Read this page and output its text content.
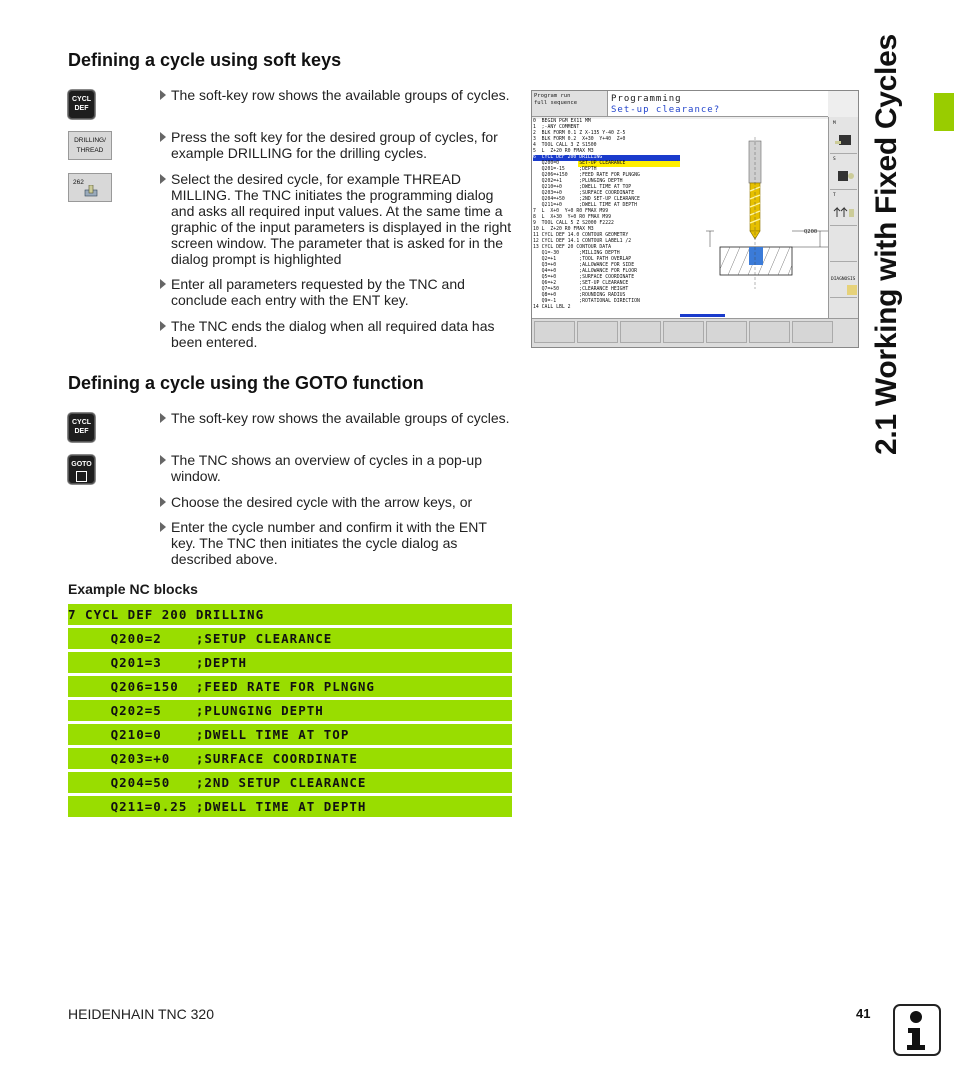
Defining a cycle using soft keys
CYCL
DEF
DRILLING/
THREAD
262
The soft-key row shows the available groups of cycles.
Press the soft key for the desired group of cycles, for example DRILLING for the drilling cycles.
Select the desired cycle, for example THREAD MILLING. The TNC initiates the programming dialog and asks all required input values. At the same time a graphic of the input parameters is displayed in the right screen window. The parameter that is asked for in the dialog prompt is highlighted
Enter all parameters requested by the TNC and conclude each entry with the ENT key.
The TNC ends the dialog when all required data has been entered.
Program run
full sequence	Programming
Set-up clearance?
0  BEGIN PGM EX11 MM
1  ;-ANY COMMENT
2  BLK FORM 0.1 Z X-135 Y-40 Z-5
3  BLK FORM 0.2  X+30  Y+40  Z+0
4  TOOL CALL 3 Z S1500
5  L  Z+20 R0 FMAX M3
6  CYCL DEF 200 DRILLING
Q200=0       SET-UP CLEARANCE
Q201=-15     ;DEPTH
Q206=+150    ;FEED RATE FOR PLNGNG
Q202=+1      ;PLUNGING DEPTH
Q210=+0      ;DWELL TIME AT TOP
Q203=+0      ;SURFACE COORDINATE
Q204=+50     ;2ND SET-UP CLEARANCE
Q211=+0      ;DWELL TIME AT DEPTH
7  L  X+0  Y+0 R0 FMAX M99
8  L  X+30  Y+0 R0 FMAX M99
9  TOOL CALL 5 Z S2000 F2222
10 L  Z+20 R0 FMAX M3
11 CYCL DEF 14.0 CONTOUR GEOMETRY
12 CYCL DEF 14.1 CONTOUR LABEL1 /2
13 CYCL DEF 20 CONTOUR DATA
Q1=-30       ;MILLING DEPTH
Q2=+1        ;TOOL PATH OVERLAP
Q3=+0        ;ALLOWANCE FOR SIDE
Q4=+0        ;ALLOWANCE FOR FLOOR
Q5=+0        ;SURFACE COORDINATE
Q6=+2        ;SET-UP CLEARANCE
Q7=+50       ;CLEARANCE HEIGHT
Q8=+0        ;ROUNDING RADIUS
Q9=-1        ;ROTATIONAL DIRECTION
14 CALL LBL 2
Q200
M
S
T
DIAGNOSIS
Defining a cycle using the GOTO function
CYCL
DEF
GOTO
The soft-key row shows the available groups of cycles.
The TNC shows an overview of cycles in a pop-up window.
Choose the desired cycle with the arrow keys, or
Enter the cycle number and confirm it with the ENT key. The TNC then initiates the cycle dialog as described above.
Example NC blocks
7 CYCL DEF 200 DRILLING
Q200=2    ;SETUP CLEARANCE
Q201=3    ;DEPTH
Q206=150  ;FEED RATE FOR PLNGNG
Q202=5    ;PLUNGING DEPTH
Q210=0    ;DWELL TIME AT TOP
Q203=+0   ;SURFACE COORDINATE
Q204=50   ;2ND SETUP CLEARANCE
Q211=0.25 ;DWELL TIME AT DEPTH
2.1 Working with Fixed Cycles
HEIDENHAIN TNC 320	41
